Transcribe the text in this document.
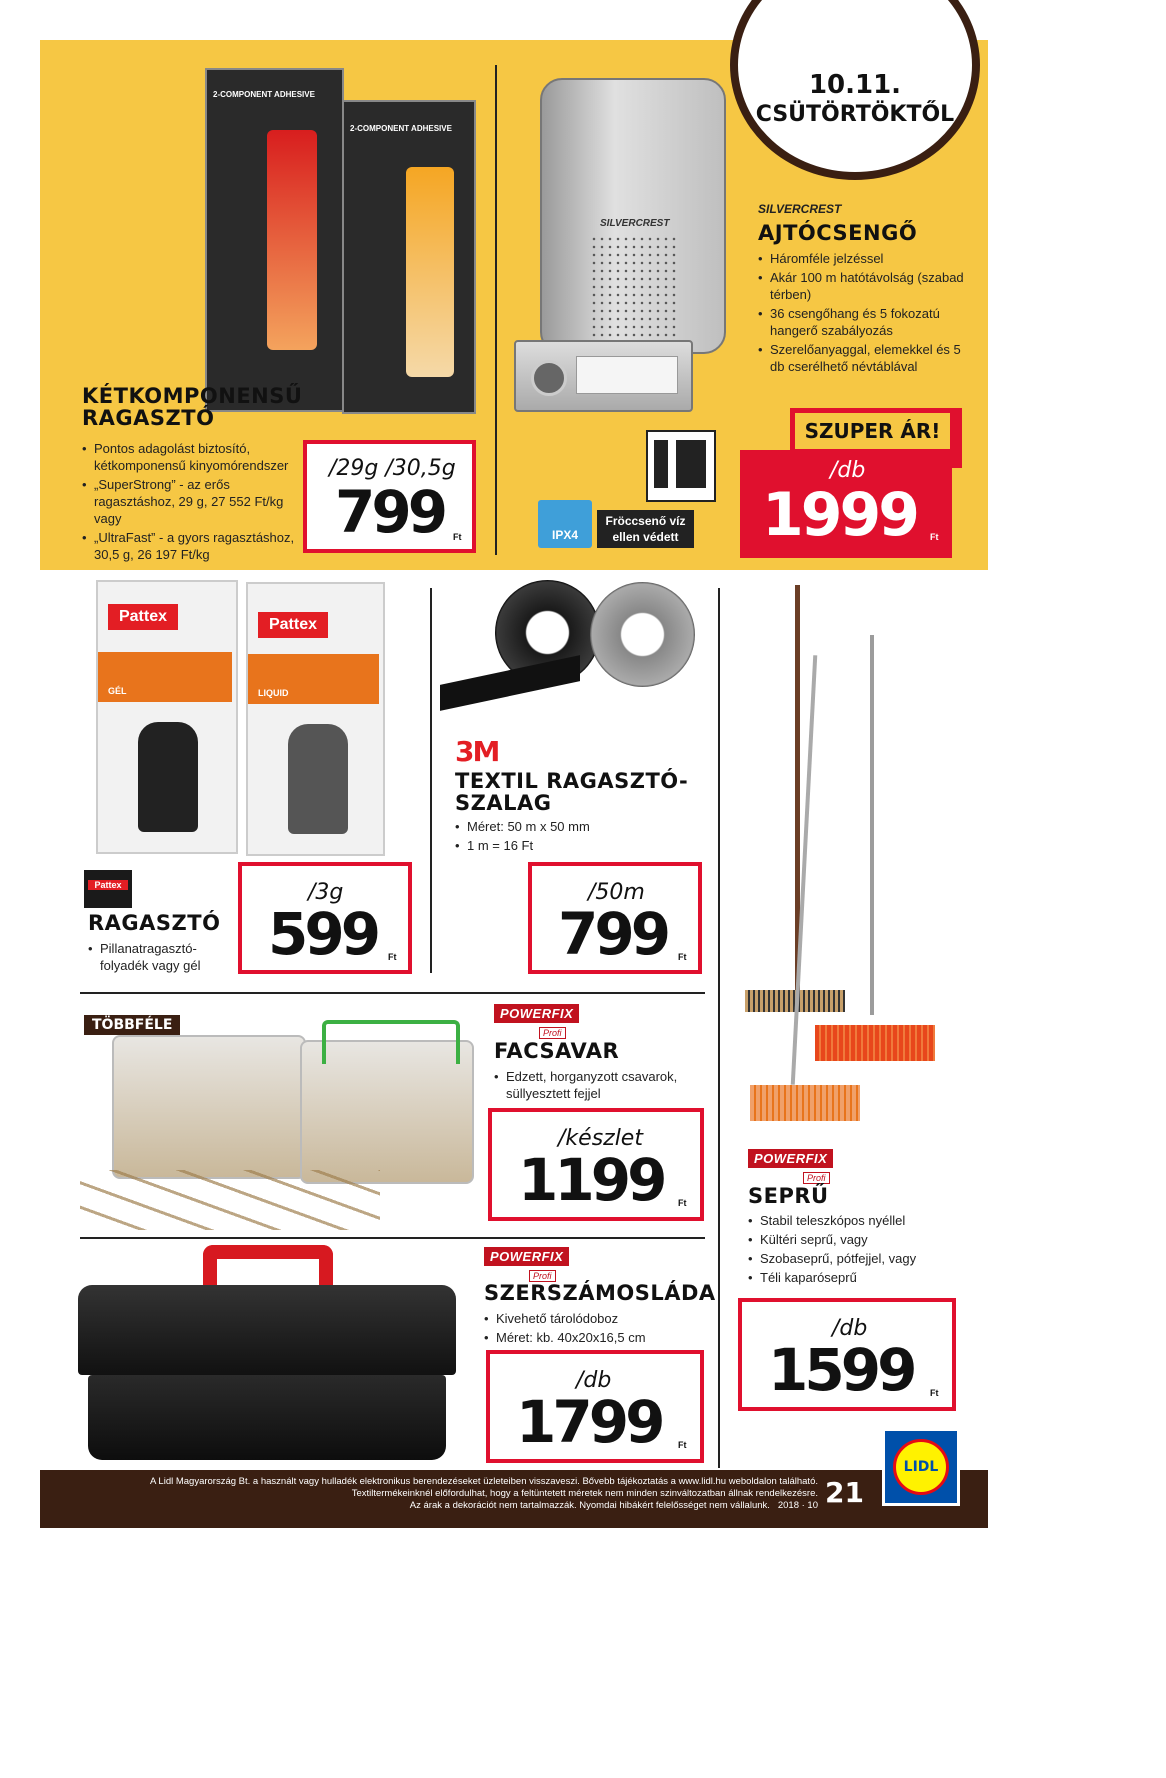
10.11.
CSÜTÖRTÖKTŐL
2-COMPONENT ADHESIVE
2-COMPONENT ADHESIVE
KÉTKOMPONENSŰ
RAGASZTÓ
• Pontos adagolást biztosító, kétkomponensű kinyomórendszer
• „SuperStrong” - az erős ragasztáshoz, 29 g, 27 552 Ft/kg vagy
• „UltraFast” - a gyors ragasztáshoz, 30,5 g, 26 197 Ft/kg
/29g /30,5g
799 Ft
SILVERCREST
IPX4
Fröccsenő víz
ellen védett
SILVERCREST
AJTÓCSENGŐ
• Háromféle jelzéssel
• Akár 100 m hatótávolság (szabad térben)
• 36 csengőhang és 5 fokozatú hangerő szabályozás
• Szerelőanyaggal, elemekkel és 5 db cserélhető névtáblával
SZUPER ÁR!
/db
1999 Ft
Pattex
GÉL
Pattex
LIQUID
Pattex
RAGASZTÓ
• Pillanatragasztó-folyadék vagy gél
/3g
599 Ft
3M
TEXTIL RAGASZTÓ-
SZALAG
• Méret: 50 m x 50 mm
• 1 m = 16 Ft
/50m
799 Ft
TÖBBFÉLE
POWERFIX
Profi
FACSAVAR
• Edzett, horganyzott csavarok, süllyesztett fejjel
/készlet
1199 Ft
POWERFIX
Profi
SZERSZÁMOSLÁDA
• Kivehető tárolódoboz
• Méret: kb. 40x20x16,5 cm
/db
1799 Ft
POWERFIX
Profi
SEPRŰ
• Stabil teleszkópos nyéllel
• Kültéri seprű, vagy
• Szobaseprű, pótfejjel, vagy
• Téli kaparóseprű
/db
1599 Ft
A Lidl Magyarország Bt. a használt vagy hulladék elektronikus berendezéseket üzleteiben visszaveszi. Bővebb tájékoztatás a www.lidl.hu weboldalon található.
Textiltermékeinknél előfordulhat, hogy a feltüntetett méretek nem minden szinváltozatban állnak rendelkezésre.
Az árak a dekorációt nem tartalmazzák. Nyomdai hibákért felelősséget nem vállalunk. 2018 · 10 21
LIDL
